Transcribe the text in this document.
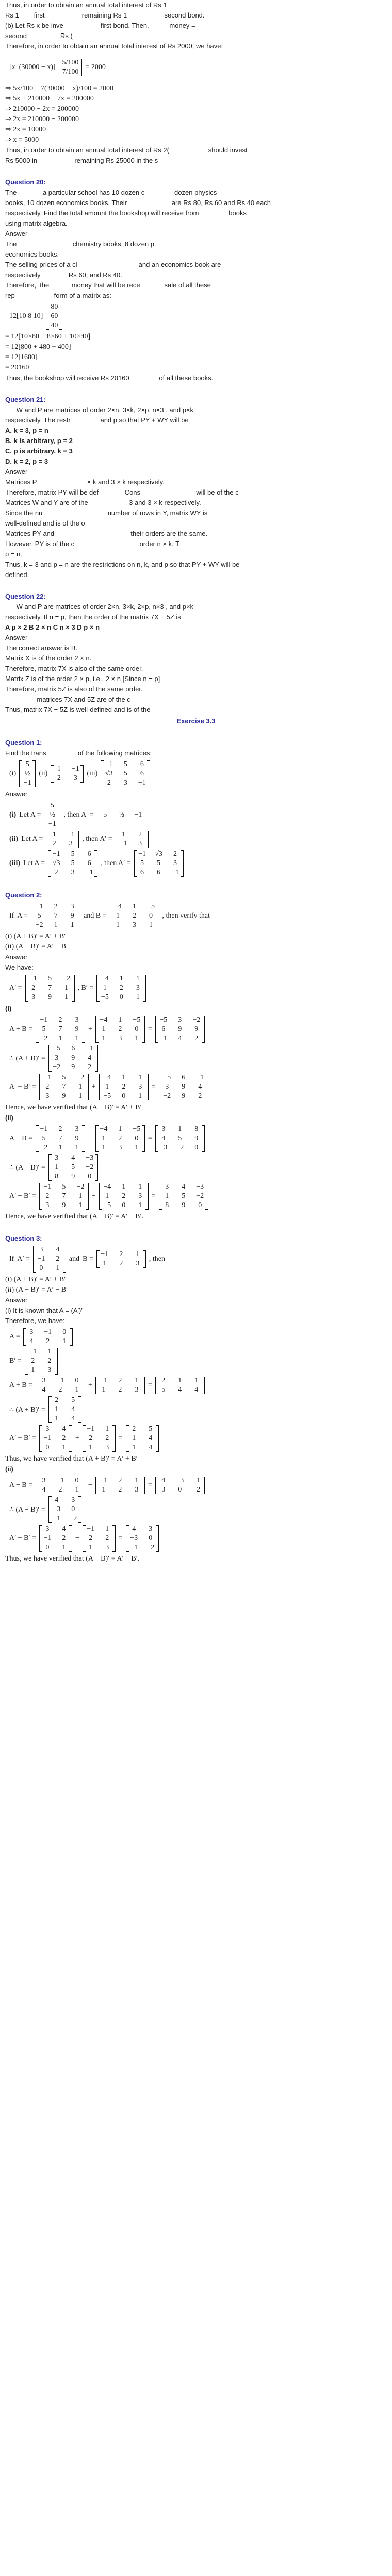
Thus, in order to obtain an annual total interest of Rs 1

Rs 1        first                    remaining Rs 1                    second bond.

(b) Let Rs x be inve                    first bond. Then,           money =

second                  Rs (

Therefore, in order to obtain an annual total interest of Rs 2000, we have:

[x  (30000 − x)]
5/100
7/100
= 2000

⇒ 5x/100 + 7(30000 − x)/100 = 2000

⇒ 5x + 210000 − 7x = 200000

⇒ 210000 − 2x = 200000

⇒ 2x = 210000 − 200000

⇒ 2x = 10000

⇒ x = 5000

Thus, in order to obtain an annual total interest of Rs 2(                     should invest

Rs 5000 in                    remaining Rs 25000 in the s

Question 20:

The              a particular school has 10 dozen c                dozen physics

books, 10 dozen economics books. Their                        are Rs 80, Rs 60 and Rs 40 each

respectively. Find the total amount the bookshop will receive from                books

using matrix algebra.

Answer

The                              chemistry books, 8 dozen p

economics books.

The selling prices of a cl                                 and an economics book are

respectively               Rs 60, and Rs 40.

Therefore,  the            money that will be rece             sale of all these

rep                     form of a matrix as:

12[10 8 10]
80
60
40

= 12[10×80 + 8×60 + 10×40]

= 12[800 + 480 + 400]

= 12[1680]

= 20160

Thus, the bookshop will receive Rs 20160                of all these books.

Question 21:

W and P are matrices of order 2×n, 3×k, 2×p, n×3 , and p×k

respectively. The restr                and p so that PY + WY will be

A. k = 3, p = n

B. k is arbitrary, p = 2

C. p is arbitrary, k = 3

D. k = 2, p = 3

Answer

Matrices P                           × k and 3 × k respectively.

Therefore, matrix PY will be def              Cons                              will be of the c

Matrices W and Y are of the                      3 and 3 × k respectively.

Since the nu                                   number of rows in Y, matrix WY is

well-defined and is of the o

Matrices PY and                                         their orders are the same.

However, PY is of the c                                   order n × k. T

p = n.

Thus, k = 3 and p = n are the restrictions on n, k, and p so that PY + WY will be

defined.

Question 22:

W and P are matrices of order 2×n, 3×k, 2×p, n×3 , and p×k

respectively. If n = p, then the order of the matrix 7X − 5Z is

A p × 2 B 2 × n C n × 3 D p × n

Answer

The correct answer is B.

Matrix X is of the order 2 × n.

Therefore, matrix 7X is also of the same order.

Matrix Z is of the order 2 × p, i.e., 2 × n [Since n = p]

Therefore, matrix 5Z is also of the same order.

matrices 7X and 5Z are of the c

Thus, matrix 7X − 5Z is well-defined and is of the

Exercise 3.3

Question 1:

Find the trans                 of the following matrices:

(i)
5
½
−1
(ii)
1	−1
2	3
(iii)
−1	5	6
√3	5	6
2	3	−1

Answer

(i) Let A =
5
½
−1
, then A′ =	5	½ −1
(ii) Let A =
1	−1
2	3
, then A′ =
1	2
−1	3
(iii) Let A =
−1	5	6
√3	5	6
2	3	−1
, then A′ =
−1 √3	2
5	5	3
6	6	−1

Question 2:

If A =
−1	2	3
5	7	9
−2	1	1
and B =
−4	1	−5
1	2	0
1	3	1
, then verify that

(i) (A + B)′ = A′ + B′

(ii) (A − B)′ = A′ − B′

Answer

We have:

A′ =
−1	5	−2
2	7	1
3	9	1
, B′ =
−4	1	1
1	2	3
−5	0	1

(i)

A + B =
−1	2	3
5	7	9
−2	1	1
+
−4	1	−5
1	2	0
1	3	1
=
−5	3	−2
6	9	9
−1	4	2
∴ (A + B)′ =
−5	6	−1
3	9	4
−2	9	2
A′ + B′ =
−1	5	−2
2	7	1
3	9	1
+
−4	1	1
1	2	3
−5	0	1
=
−5	6	−1
3	9	4
−2	9	2

Hence, we have verified that (A + B)′ = A′ + B′

(ii)

A − B =
−1	2	3
5	7	9
−2	1	1
−
−4	1	−5
1	2	0
1	3	1
=
3	1	8
4	5	9
−3 −2	0
∴ (A − B)′ =
3	4	−3
1	5	−2
8	9	0
A′ − B′ =
−1	5	−2
2	7	1
3	9	1
−
−4	1	1
1	2	3
−5	0	1
=
3	4	−3
1	5	−2
8	9	0

Hence, we have verified that (A − B)′ = A′ − B′.

Question 3:

If A′ =
3	4
−1	2
0	1
and B =
−1	2	1
1	2	3
, then

(i) (A + B)′ = A′ + B′

(ii) (A − B)′ = A′ − B′

Answer

(i) It is known that A = (A′)′

Therefore, we have:

A =
3	−1	0
4	2	1
B′ =
−1	1
2	2
1	3
A + B =
3	−1	0
4	2	1
+
−1	2	1
1	2	3
=
2	1	1
5	4	4
∴ (A + B)′ =
2	5
1	4
1	4
A′ + B′ =
3	4
−1	2
0	1
+
−1	1
2	2
1	3
=
2	5
1	4
1	4

Thus, we have verified that (A + B)′ = A′ + B′

(ii)

A − B =
3	−1	0
4	2	1
−
−1	2	1
1	2	3
=
4	−3 −1
3	0	−2
∴ (A − B)′ =
4	3
−3	0
−1 −2
A′ − B′ =
3	4
−1	2
0	1
−
−1	1
2	2
1	3
=
4	3
−3	0
−1 −2

Thus, we have verified that (A − B)′ = A′ − B′.
